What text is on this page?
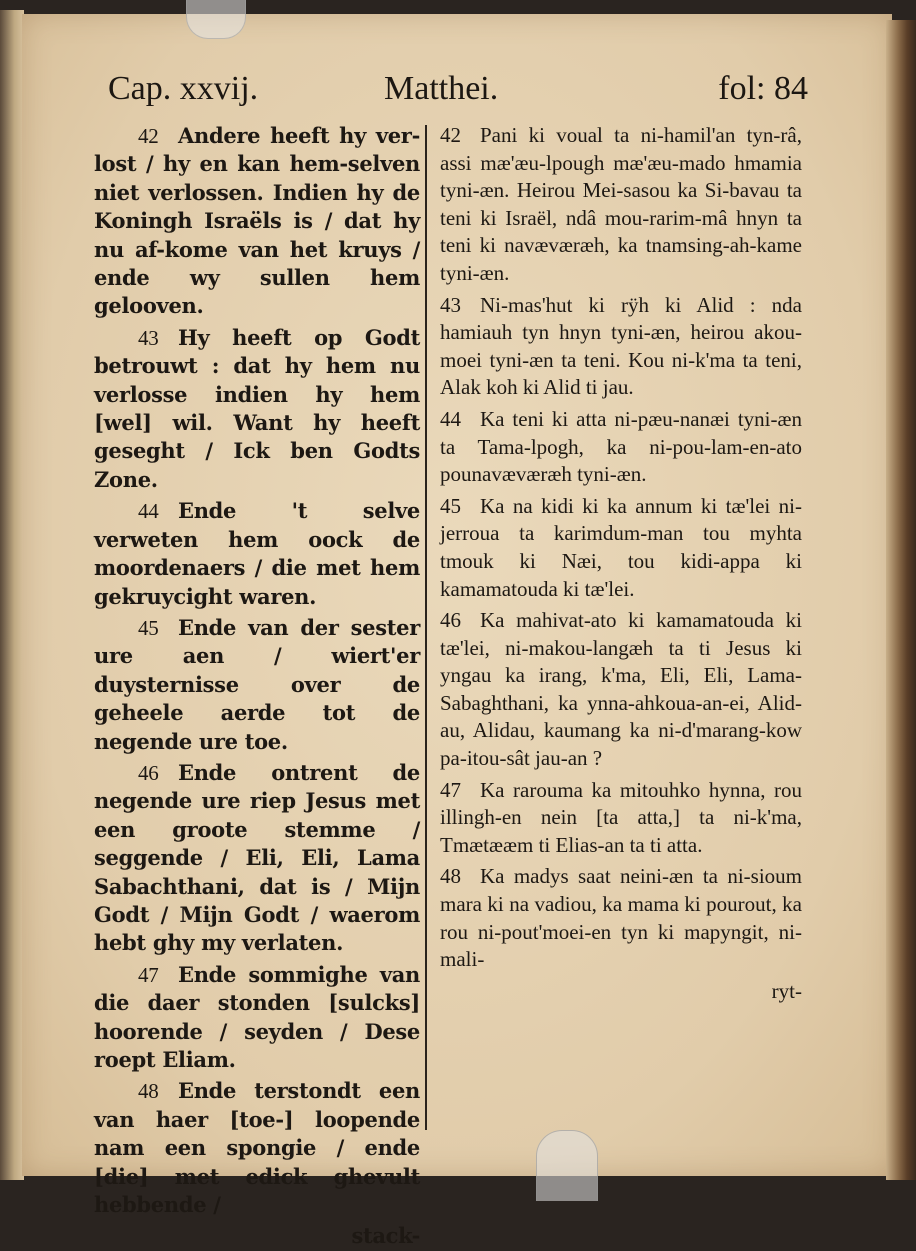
Cap. xxvij.	Matthei.	fol: 84

42 Andere heeft hy ver-lost / hy en kan hem-selven niet verlossen. Indien hy de Koningh Israëls is / dat hy nu af-kome van het kruys / ende wy sullen hem gelooven.

43 Hy heeft op Godt betrouwt : dat hy hem nu verlosse indien hy hem [wel] wil. Want hy heeft geseght / Ick ben Godts Zone.

44 Ende 't selve verweten hem oock de moordenaers / die met hem gekruycight waren.

45 Ende van der sester ure aen / wiert'er duysternisse over de geheele aerde tot de negende ure toe.

46 Ende ontrent de negende ure riep Jesus met een groote stemme / seggende / Eli, Eli, Lama Sabachthani, dat is / Mijn Godt / Mijn Godt / waerom hebt ghy my verlaten.

47 Ende sommighe van die daer stonden [sulcks] hoorende / seyden / Dese roept Eliam.

48 Ende terstondt een van haer [toe-] loopende nam een spongie / ende [die] met edick ghevult hebbende /

stack-

42 Pani ki voual ta ni-hamil'an tyn-râ, assi mæ'æu-lpough mæ'æu-mado hmamia tyni-æn. Heirou Mei-sasou ka Si-bavau ta teni ki Israël, ndâ mou-rarim-mâ hnyn ta teni ki navæværæh, ka tnamsing-ah-kame tyni-æn.

43 Ni-mas'hut ki rÿh ki Alid : nda hamiauh tyn hnyn tyni-æn, heirou akou-moei tyni-æn ta teni. Kou ni-k'ma ta teni, Alak koh ki Alid ti jau.

44 Ka teni ki atta ni-pæu-nanæi tyni-æn ta Tama-lpogh, ka ni-pou-lam-en-ato pounavæværæh tyni-æn.

45 Ka na kidi ki ka annum ki tæ'lei ni-jerroua ta karimdum-man tou myhta tmouk ki Næi, tou kidi-appa ki kamamatouda ki tæ'lei.

46 Ka mahivat-ato ki kamamatouda ki tæ'lei, ni-makou-langæh ta ti Jesus ki yngau ka irang, k'ma, Eli, Eli, Lama-Sabaghthani, ka ynna-ahkoua-an-ei, Alid-au, Alidau, kaumang ka ni-d'marang-kow pa-itou-sât jau-an ?

47 Ka rarouma ka mitouhko hynna, rou illingh-en nein [ta atta,] ta ni-k'ma, Tmætææm ti Elias-an ta ti atta.

48 Ka madys saat neini-æn ta ni-sioum mara ki na vadiou, ka mama ki pourout, ka rou ni-pout'moei-en tyn ki mapyngit, ni-mali-

ryt-
